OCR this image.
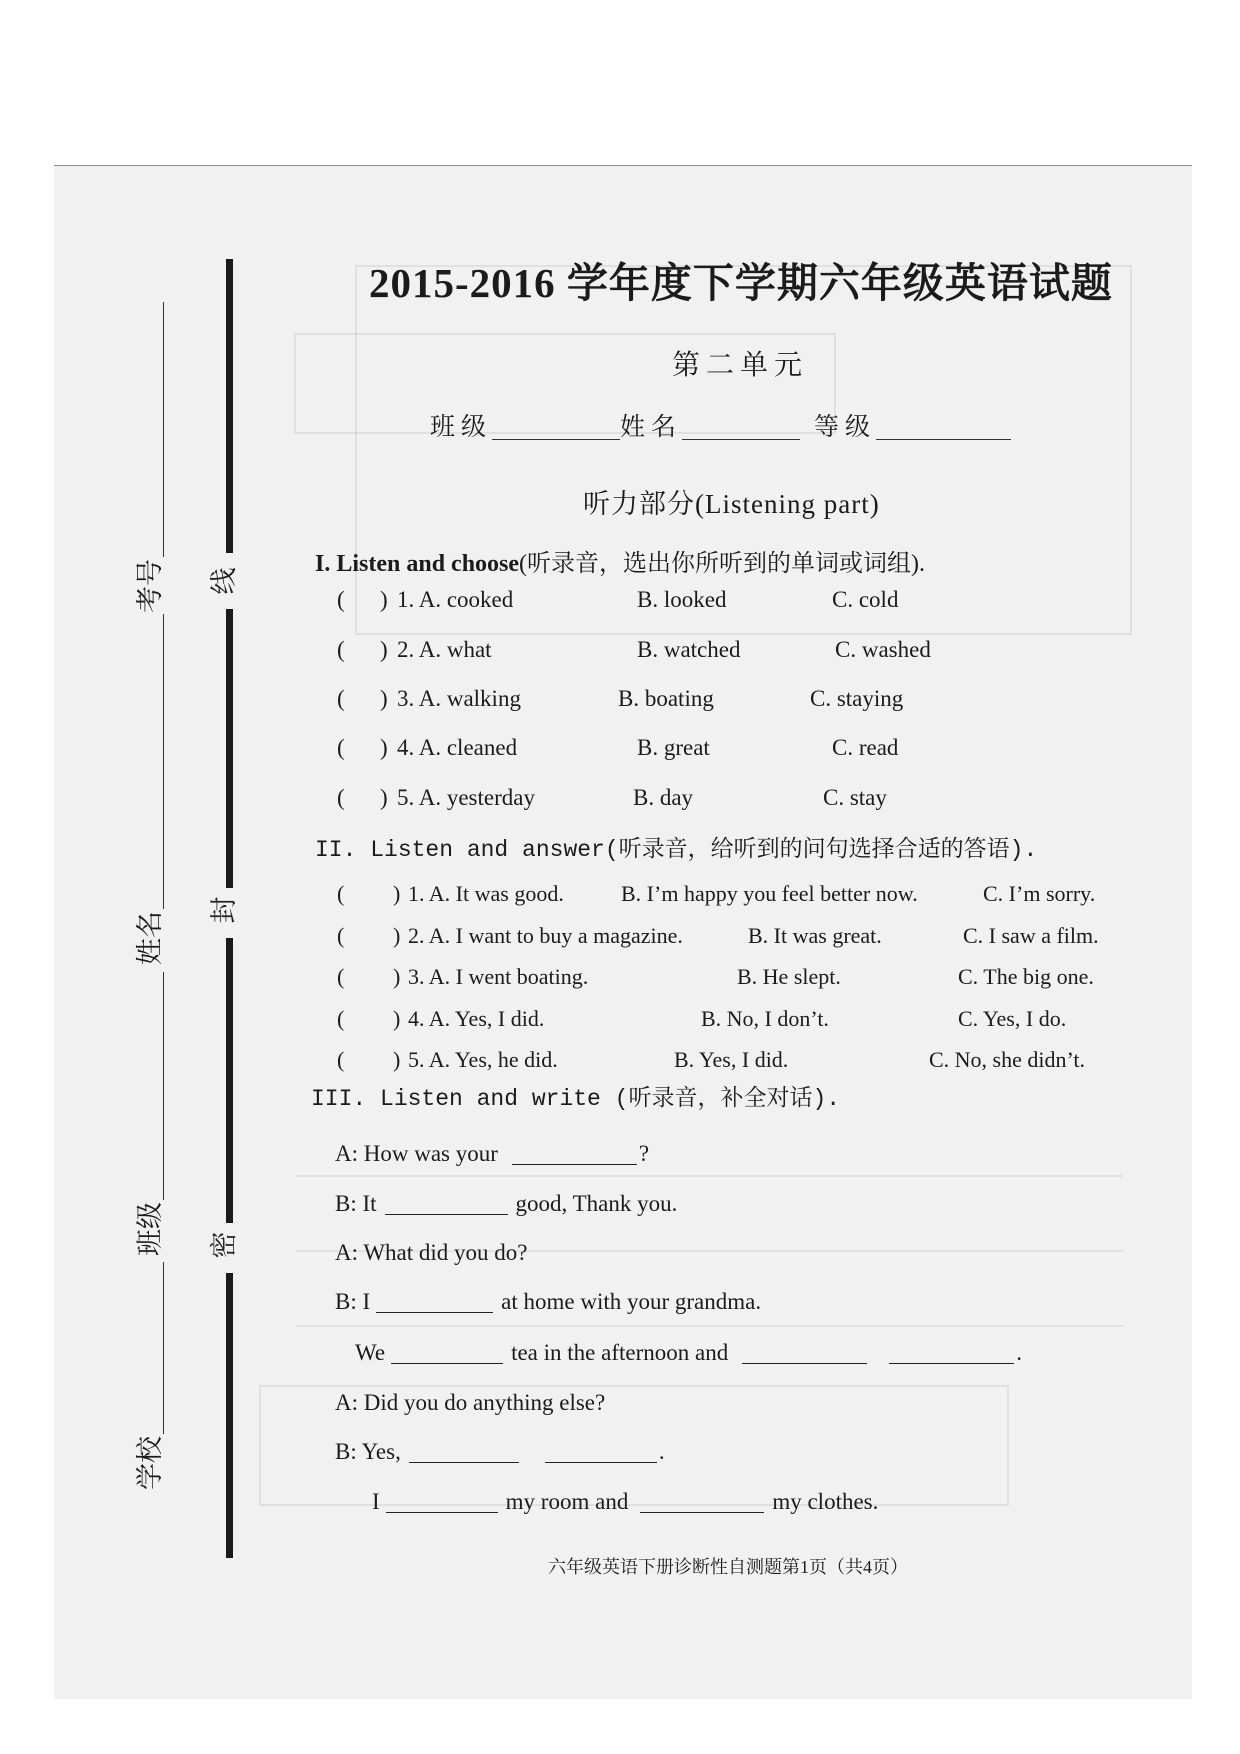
线
封
密
考号
姓名
班级
学校
2015-2016 学年度下学期六年级英语试题
第二单元
班级	姓名	等级
听力部分(Listening part)
I. Listen and choose(听录音，选出你所听到的单词或词组).
( ) 1. A. cooked	B. looked	C. cold
( ) 2. A. what	B. watched	C. washed
( ) 3. A. walking	B. boating	C. staying
( ) 4. A. cleaned	B. great	C. read
( ) 5. A. yesterday	B. day	C. stay
II. Listen and answer(听录音，给听到的问句选择合适的答语).
( ) 1. A. It was good.	B. I’m happy you feel better now.	C. I’m sorry.
( ) 2. A. I want to buy a magazine.	B. It was great.	C. I saw a film.
( ) 3. A. I went boating.	B. He slept.	C. The big one.
( ) 4. A. Yes, I did.	B. No, I don’t.	C. Yes, I do.
( ) 5. A. Yes, he did.	B. Yes, I did.	C. No, she didn’t.
III. Listen and write (听录音，补全对话).
A: How was your	?
B: It	good, Thank you.
A: What did you do?
B: I	at home with your grandma.
We	tea in the afternoon and	.
A: Did you do anything else?
B: Yes,	.
I	my room and	my clothes.
六年级英语下册诊断性自测题第1页（共4页）
